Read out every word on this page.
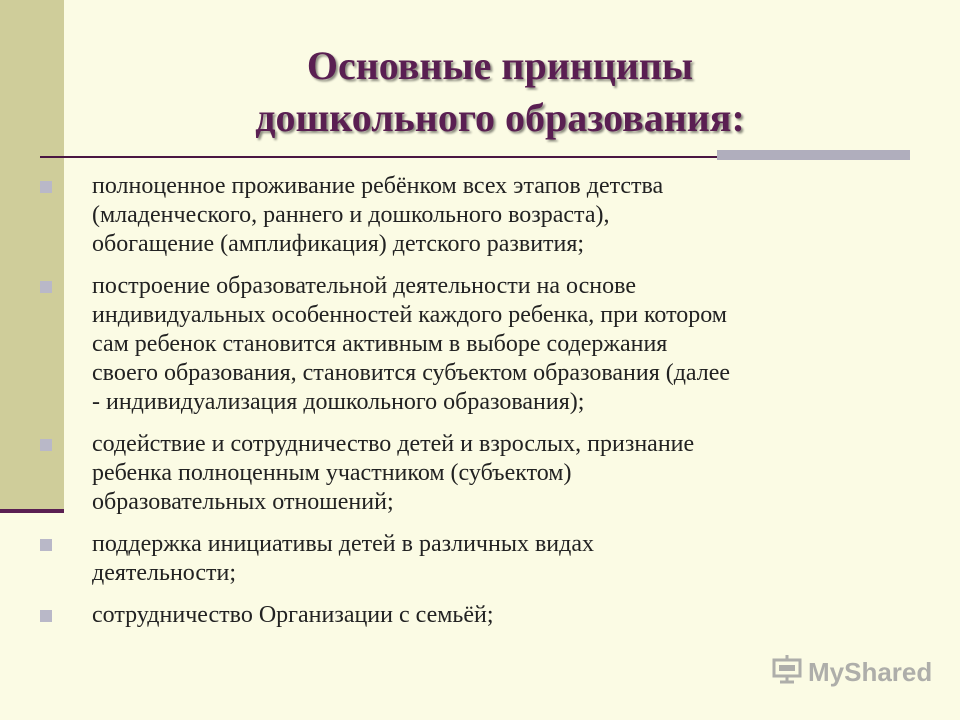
Основные принципы
дошкольного образования:
полноценное проживание ребёнком всех этапов детства
(младенческого, раннего и дошкольного возраста),
обогащение (амплификация) детского развития;
построение образовательной деятельности на основе
индивидуальных особенностей каждого ребенка, при котором
сам ребенок становится активным в выборе содержания
своего образования, становится субъектом образования (далее
- индивидуализация дошкольного образования);
содействие и сотрудничество детей и взрослых, признание
ребенка полноценным участником (субъектом)
образовательных отношений;
поддержка инициативы детей в различных видах
деятельности;
сотрудничество Организации с семьёй;
MyShared
